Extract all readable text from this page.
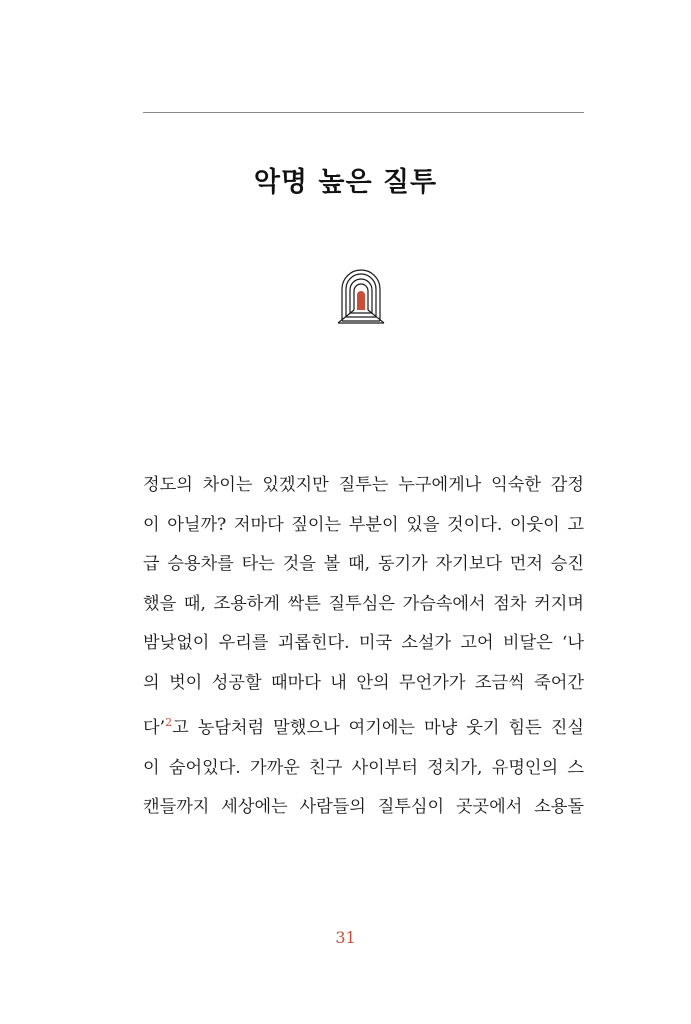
악명 높은 질투
정도의 차이는 있겠지만 질투는 누구에게나 익숙한 감정
이 아닐까? 저마다 짚이는 부분이 있을 것이다. 이웃이 고
급 승용차를 타는 것을 볼 때, 동기가 자기보다 먼저 승진
했을 때, 조용하게 싹튼 질투심은 가슴속에서 점차 커지며
밤낮없이 우리를 괴롭힌다. 미국 소설가 고어 비달은 ‘나
의 벗이 성공할 때마다 내 안의 무언가가 조금씩 죽어간
다’$^2$고 농담처럼 말했으나 여기에는 마냥 웃기 힘든 진실
이 숨어있다. 가까운 친구 사이부터 정치가, 유명인의 스
캔들까지 세상에는 사람들의 질투심이 곳곳에서 소용돌
31
